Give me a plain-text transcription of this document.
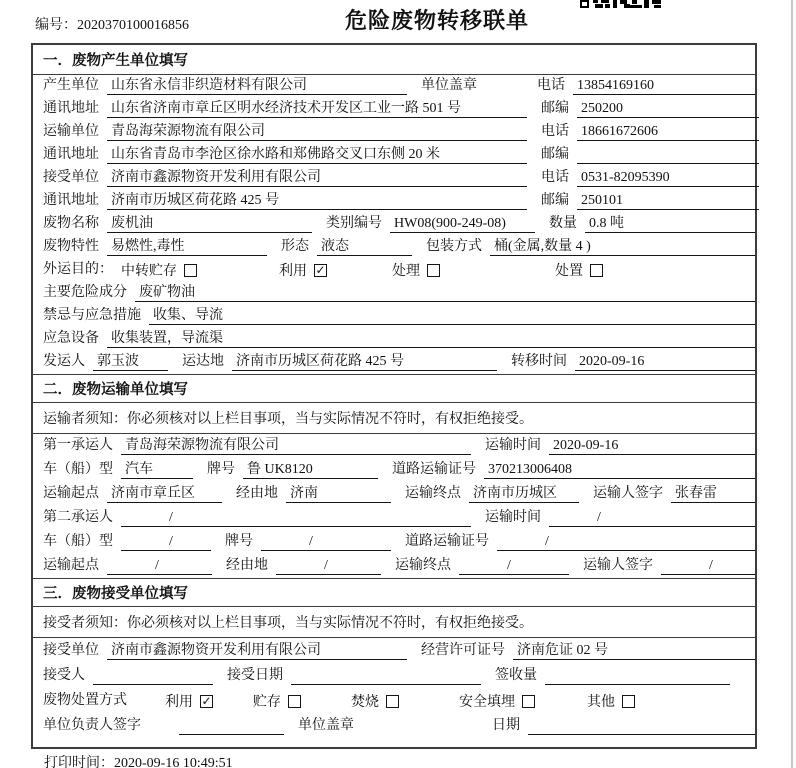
编号：2020370100016856	危险废物转移联单
一．废物产生单位填写
产生单位 山东省永信非织造材料有限公司	单位盖章	电话 13854169160
通讯地址 山东省济南市章丘区明水经济技术开发区工业一路 501 号	邮编 250200
运输单位 青岛海荣源物流有限公司	电话 18661672606
通讯地址 山东省青岛市李沧区徐水路和郑佛路交叉口东侧 20 米	邮编
接受单位 济南市鑫源物资开发利用有限公司	电话 0531-82095390
通讯地址 济南市历城区荷花路 425 号	邮编 250101
废物名称 废机油	类别编号 HW08(900-249-08)	数量 0.8 吨
废物特性 易燃性,毒性	形态 液态	包装方式 桶(金属,数量 4 )
外运目的： 中转贮存	利用 ✓	处理	处置
主要危险成分 废矿物油
禁忌与应急措施 收集、导流
应急设备 收集装置，导流渠
发运人 郭玉波	运达地 济南市历城区荷花路 425 号	转移时间 2020-09-16
二．废物运输单位填写
运输者须知：你必须核对以上栏目事项，当与实际情况不符时，有权拒绝接受。
第一承运人 青岛海荣源物流有限公司	运输时间 2020-09-16
车（船）型 汽车	牌号 鲁 UK8120	道路运输证号 370213006408
运输起点 济南市章丘区	经由地 济南	运输终点 济南市历城区	运输人签字 张春雷
第二承运人	/	运输时间	/
车（船）型	/	牌号	/	道路运输证号	/
运输起点	/	经由地	/	运输终点	/	运输人签字	/
三．废物接受单位填写
接受者须知：你必须核对以上栏目事项，当与实际情况不符时，有权拒绝接受。
接受单位 济南市鑫源物资开发利用有限公司	经营许可证号 济南危证 02 号
接受人	接受日期	签收量
废物处置方式	利用 ✓	贮存	焚烧	安全填埋	其他
单位负责人签字	单位盖章	日期
打印时间：2020-09-16 10:49:51
